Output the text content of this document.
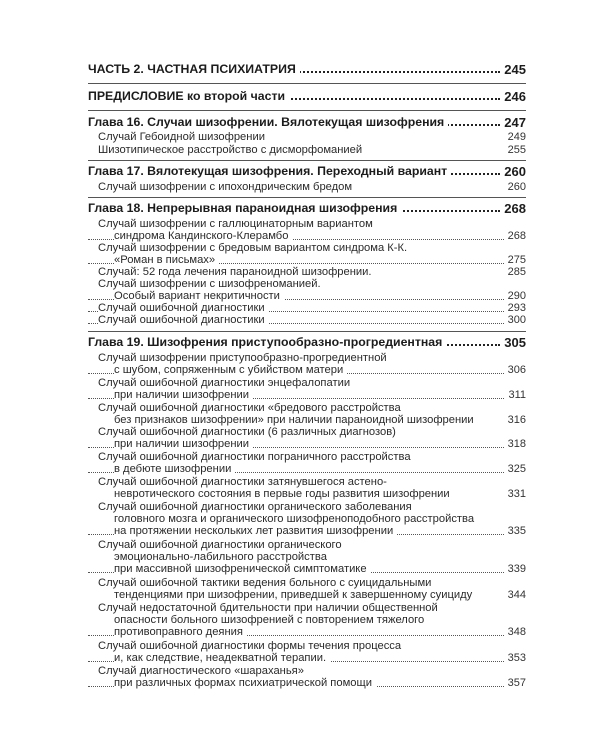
ЧАСТЬ 2. ЧАСТНАЯ ПСИХИАТРИЯ	245
ПРЕДИСЛОВИЕ ко второй части	246
Глава 16. Случаи шизофрении. Вялотекущая шизофрения	247
Случай Гебоидной шизофрении	249
Шизотипическое расстройство с дисморфоманией	255
Глава 17. Вялотекущая шизофрения. Переходный вариант	260
Случай шизофрении с ипохондрическим бредом	260
Глава 18. Непрерывная параноидная шизофрения	268
Случай шизофрении с галлюцинаторным вариантом
синдрома Кандинского-Клерамбо	268
Случай шизофрении с бредовым вариантом синдрома К-К.
«Роман в письмах»	275
Случай: 52 года лечения параноидной шизофрении.	285
Случай шизофрении с шизофреноманией.
Особый вариант некритичности	290
Случай ошибочной диагностики	293
Случай ошибочной диагностики	300
Глава 19. Шизофрения приступообразно-прогредиентная	305
Случай шизофрении приступообразно-прогредиентной
с шубом, сопряженным с убийством матери	306
Случай ошибочной диагностики энцефалопатии
при наличии шизофрении	311
Случай ошибочной диагностики «бредового расстройства
без признаков шизофрении» при наличии параноидной шизофрении	316
Случай ошибочной диагностики (6 различных диагнозов)
при наличии шизофрении	318
Случай ошибочной диагностики пограничного расстройства
в дебюте шизофрении	325
Случай ошибочной диагностики затянувшегося астено-
невротического состояния в первые годы развития шизофрении	331
Случай ошибочной диагностики органического заболевания
головного мозга и органического шизофреноподобного расстройства
на протяжении нескольких лет развития шизофрении	335
Случай ошибочной диагностики органического
эмоционально-лабильного расстройства
при массивной шизофренической симптоматике	339
Случай ошибочной тактики ведения больного с суицидальными
тенденциями при шизофрении, приведшей к завершенному суициду	344
Случай недостаточной бдительности при наличии общественной
опасности больного шизофренией с повторением тяжелого
противоправного деяния	348
Случай ошибочной диагностики формы течения процесса
и, как следствие, неадекватной терапии.	353
Случай диагностического «шараханья»
при различных формах психиатрической помощи	357
